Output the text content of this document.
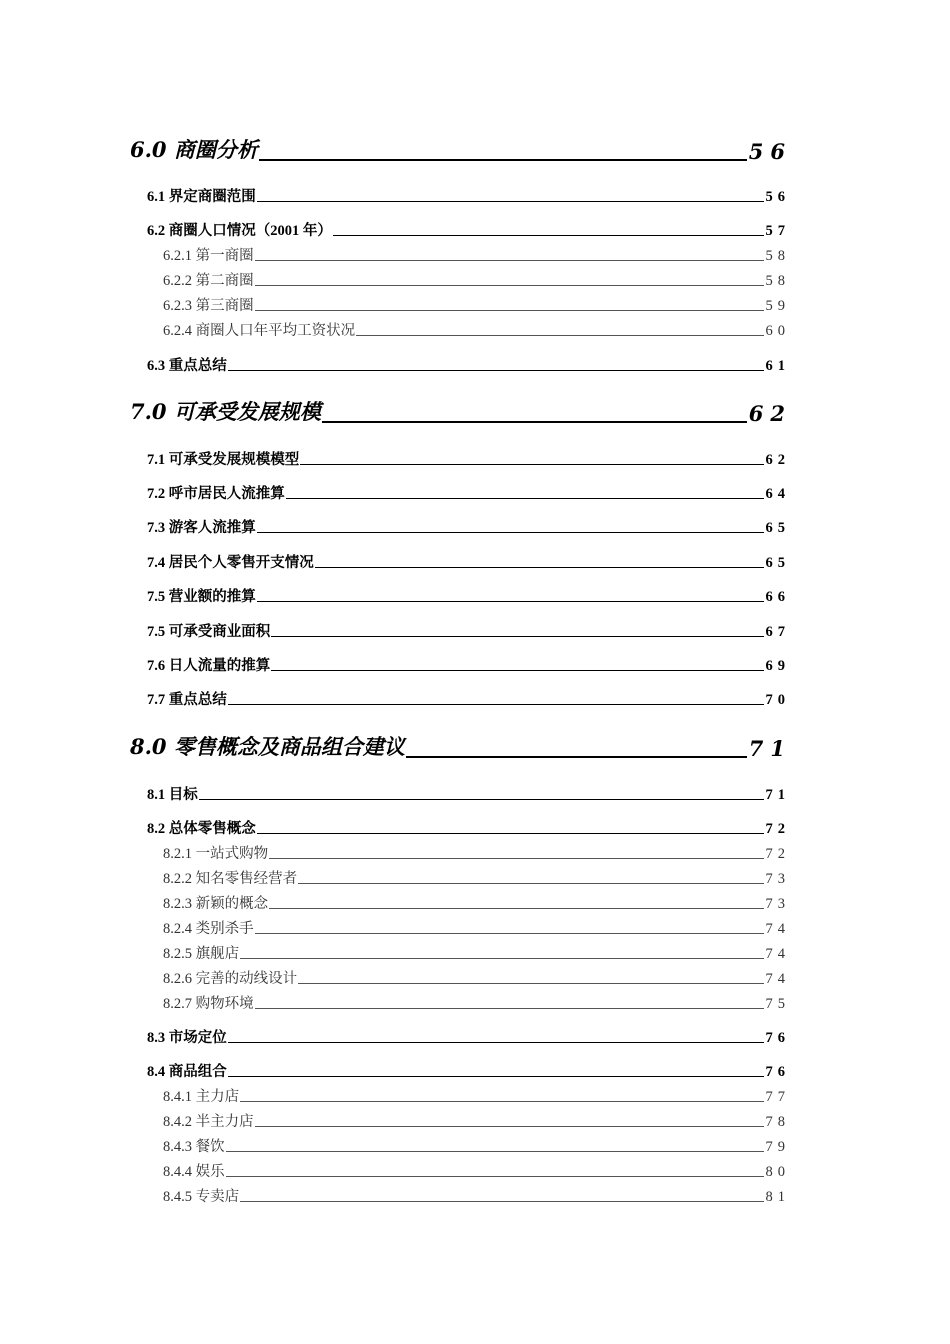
6.0 商圈分析	56
6.1 界定商圈范围	56
6.2 商圈人口情况（2001 年）	57
6.2.1 第一商圈	58
6.2.2 第二商圈	58
6.2.3 第三商圈	59
6.2.4 商圈人口年平均工资状况	60
6.3 重点总结	61
7.0 可承受发展规模	62
7.1 可承受发展规模模型	62
7.2 呼市居民人流推算	64
7.3 游客人流推算	65
7.4 居民个人零售开支情况	65
7.5 营业额的推算	66
7.5 可承受商业面积	67
7.6 日人流量的推算	69
7.7 重点总结	70
8.0 零售概念及商品组合建议	71
8.1 目标	71
8.2 总体零售概念	72
8.2.1 一站式购物	72
8.2.2 知名零售经营者	73
8.2.3 新颖的概念	73
8.2.4 类别杀手	74
8.2.5 旗舰店	74
8.2.6 完善的动线设计	74
8.2.7 购物环境	75
8.3 市场定位	76
8.4 商品组合	76
8.4.1 主力店	77
8.4.2 半主力店	78
8.4.3 餐饮	79
8.4.4 娱乐	80
8.4.5 专卖店	81
